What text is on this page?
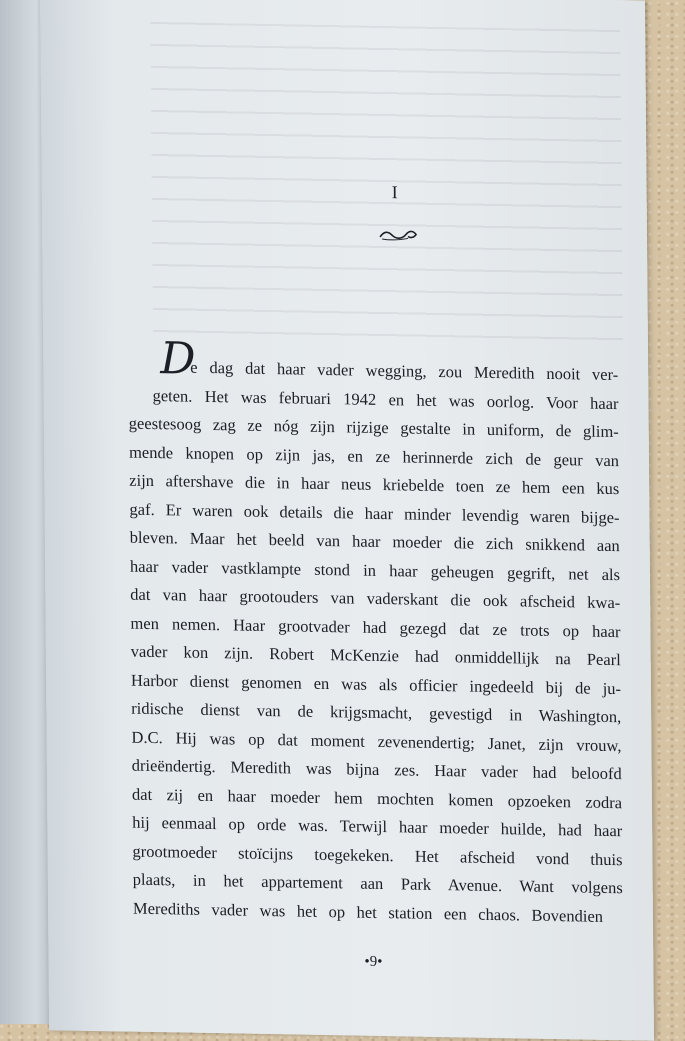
I
D
e dag dat haar vader wegging, zou Meredith nooit ver-
geten. Het was februari 1942 en het was oorlog. Voor haar
geestesoog zag ze nóg zijn rijzige gestalte in uniform, de glim-
mende knopen op zijn jas, en ze herinnerde zich de geur van
zijn aftershave die in haar neus kriebelde toen ze hem een kus
gaf. Er waren ook details die haar minder levendig waren bijge-
bleven. Maar het beeld van haar moeder die zich snikkend aan
haar vader vastklampte stond in haar geheugen gegrift, net als
dat van haar grootouders van vaderskant die ook afscheid kwa-
men nemen. Haar grootvader had gezegd dat ze trots op haar
vader kon zijn. Robert McKenzie had onmiddellijk na Pearl
Harbor dienst genomen en was als officier ingedeeld bij de ju-
ridische dienst van de krijgsmacht, gevestigd in Washington,
D.C. Hij was op dat moment zevenendertig; Janet, zijn vrouw,
drieëndertig. Meredith was bijna zes. Haar vader had beloofd
dat zij en haar moeder hem mochten komen opzoeken zodra
hij eenmaal op orde was. Terwijl haar moeder huilde, had haar
grootmoeder stoïcijns toegekeken. Het afscheid vond thuis
plaats, in het appartement aan Park Avenue. Want volgens
Merediths vader was het op het station een chaos. Bovendien
•9•
